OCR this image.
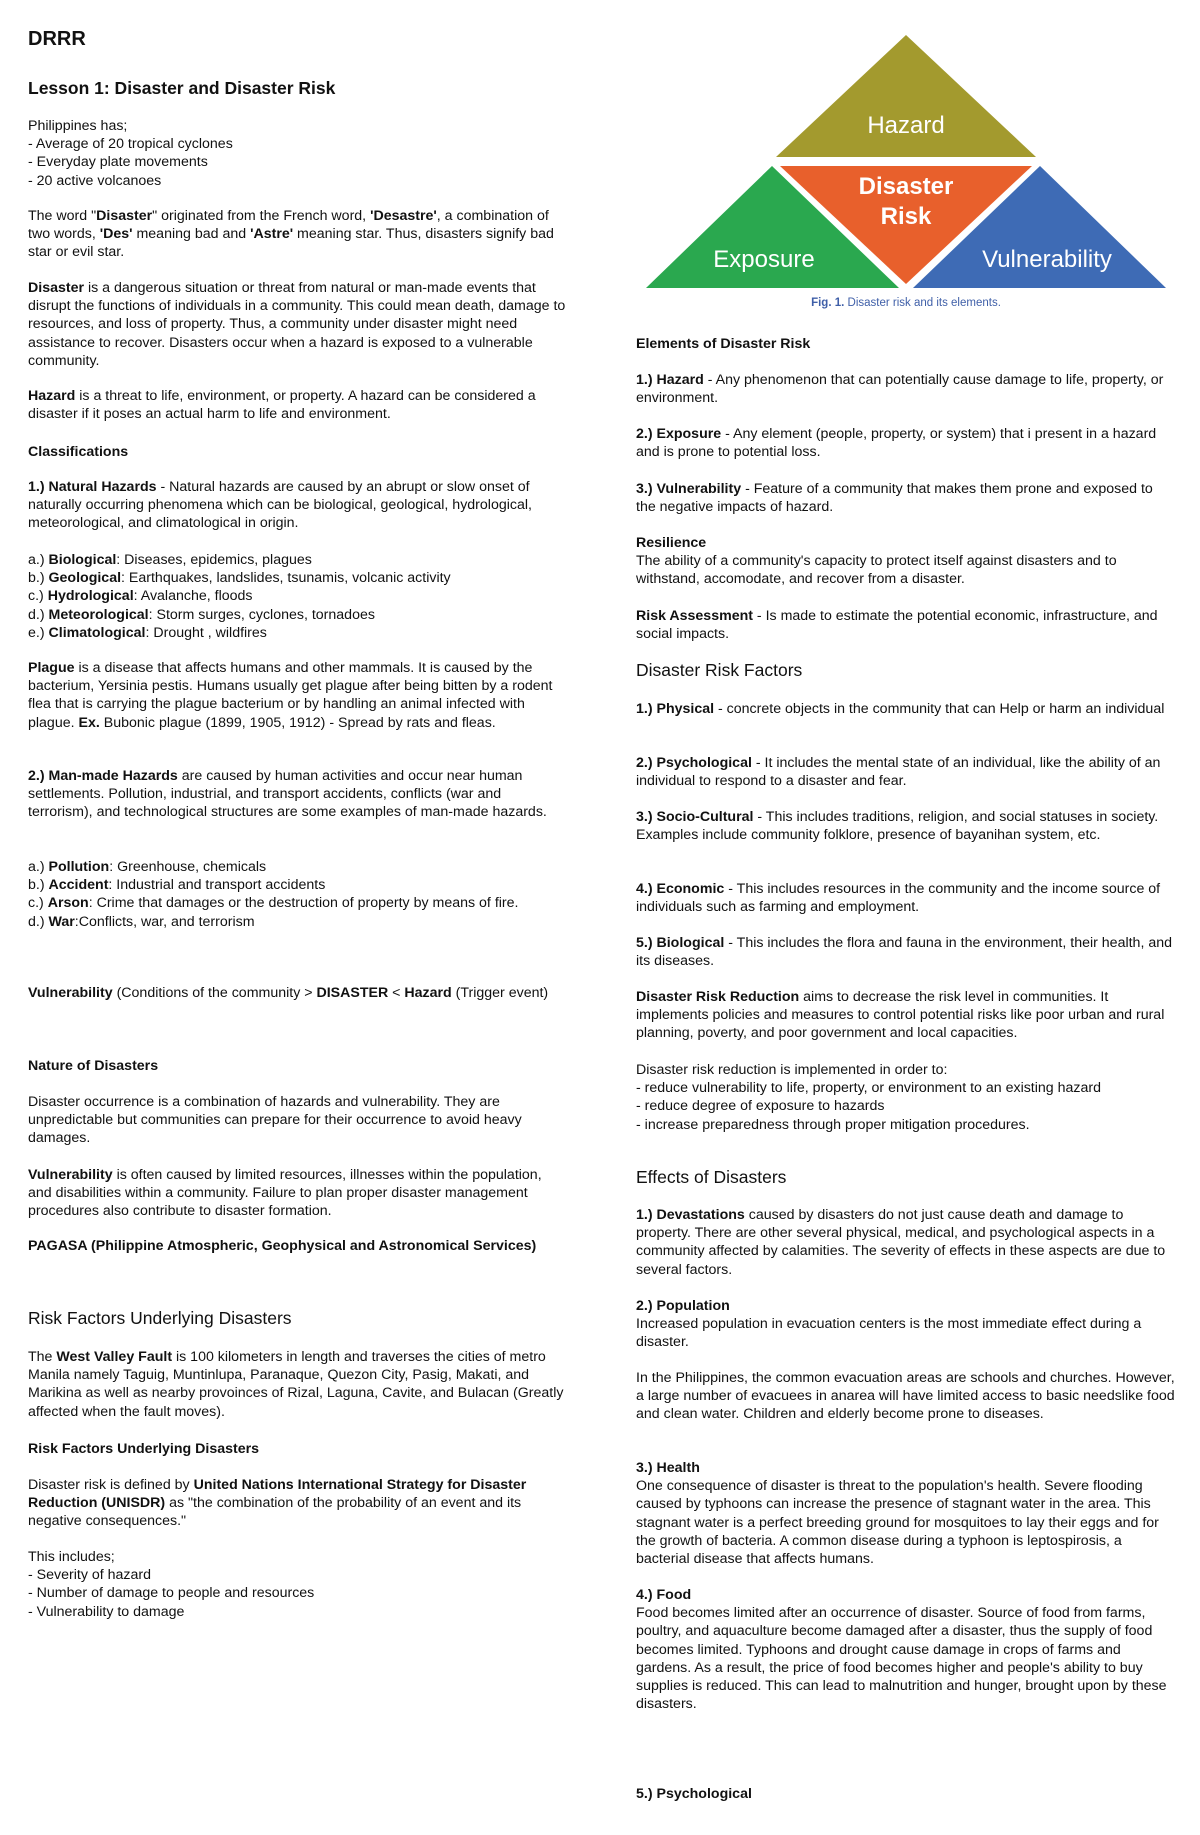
DRRR
Lesson 1: Disaster and Disaster Risk
Philippines has;
- Average of 20 tropical cyclones
- Everyday plate movements
- 20 active volcanoes
The word "Disaster" originated from the French word, 'Desastre', a combination of two words, 'Des' meaning bad and 'Astre' meaning star. Thus, disasters signify bad star or evil star.
Disaster is a dangerous situation or threat from natural or man-made events that disrupt the functions of individuals in a community. This could mean death, damage to resources, and loss of property. Thus, a community under disaster might need assistance to recover. Disasters occur when a hazard is exposed to a vulnerable community.
Hazard is a threat to life, environment, or property. A hazard can be considered a disaster if it poses an actual harm to life and environment.
Classifications
1.) Natural Hazards - Natural hazards are caused by an abrupt or slow onset of naturally occurring phenomena which can be biological, geological, hydrological, meteorological, and climatological in origin.
a.) Biological: Diseases, epidemics, plagues
b.) Geological: Earthquakes, landslides, tsunamis, volcanic activity
c.) Hydrological: Avalanche, floods
d.) Meteorological: Storm surges, cyclones, tornadoes
e.) Climatological: Drought , wildfires
Plague is a disease that affects humans and other mammals. It is caused by the bacterium, Yersinia pestis. Humans usually get plague after being bitten by a rodent flea that is carrying the plague bacterium or by handling an animal infected with plague. Ex. Bubonic plague (1899, 1905, 1912) - Spread by rats and fleas.
2.) Man-made Hazards are caused by human activities and occur near human settlements. Pollution, industrial, and transport accidents, conflicts (war and terrorism), and technological structures are some examples of man-made hazards.
a.) Pollution: Greenhouse, chemicals
b.) Accident: Industrial and transport accidents
c.) Arson: Crime that damages or the destruction of property by means of fire.
d.) War:Conflicts, war, and terrorism
Vulnerability (Conditions of the community > DISASTER < Hazard (Trigger event)
Nature of Disasters
Disaster occurrence is a combination of hazards and vulnerability. They are unpredictable but communities can prepare for their occurrence to avoid heavy damages.
Vulnerability is often caused by limited resources, illnesses within the population, and disabilities within a community. Failure to plan proper disaster management procedures also contribute to disaster formation.
PAGASA (Philippine Atmospheric, Geophysical and Astronomical Services)
Risk Factors Underlying Disasters
The West Valley Fault is 100 kilometers in length and traverses the cities of metro Manila namely Taguig, Muntinlupa, Paranaque, Quezon City, Pasig, Makati, and Marikina as well as nearby provoinces of Rizal, Laguna, Cavite, and Bulacan (Greatly affected when the fault moves).
Risk Factors Underlying Disasters
Disaster risk is defined by United Nations International Strategy for Disaster Reduction (UNISDR) as "the combination of the probability of an event and its negative consequences."
This includes;
- Severity of hazard
- Number of damage to people and resources
- Vulnerability to damage
Hazard
Disaster
Risk
Exposure	Vulnerability
Fig. 1. Disaster risk and its elements.
Elements of Disaster Risk
1.) Hazard - Any phenomenon that can potentially cause damage to life, property, or environment.
2.) Exposure - Any element (people, property, or system) that i present in a hazard and is prone to potential loss.
3.) Vulnerability - Feature of a community that makes them prone and exposed to the negative impacts of hazard.
Resilience
The ability of a community's capacity to protect itself against disasters and to withstand, accomodate, and recover from a disaster.
Risk Assessment - Is made to estimate the potential economic, infrastructure, and social impacts.
Disaster Risk Factors
1.) Physical - concrete objects in the community that can Help or harm an individual
2.) Psychological - It includes the mental state of an individual, like the ability of an individual to respond to a disaster and fear.
3.) Socio-Cultural - This includes traditions, religion, and social statuses in society. Examples include community folklore, presence of bayanihan system, etc.
4.) Economic - This includes resources in the community and the income source of individuals such as farming and employment.
5.) Biological - This includes the flora and fauna in the environment, their health, and its diseases.
Disaster Risk Reduction aims to decrease the risk level in communities. It implements policies and measures to control potential risks like poor urban and rural planning, poverty, and poor government and local capacities.
Disaster risk reduction is implemented in order to:
- reduce vulnerability to life, property, or environment to an existing hazard
- reduce degree of exposure to hazards
- increase preparedness through proper mitigation procedures.
Effects of Disasters
1.) Devastations caused by disasters do not just cause death and damage to property. There are other several physical, medical, and psychological aspects in a community affected by calamities. The severity of effects in these aspects are due to several factors.
2.) Population
Increased population in evacuation centers is the most immediate effect during a disaster.
In the Philippines, the common evacuation areas are schools and churches. However, a large number of evacuees in anarea will have limited access to basic needslike food and clean water. Children and elderly become prone to diseases.
3.) Health
One consequence of disaster is threat to the population's health. Severe flooding caused by typhoons can increase the presence of stagnant water in the area. This stagnant water is a perfect breeding ground for mosquitoes to lay their eggs and for the growth of bacteria. A common disease during a typhoon is leptospirosis, a bacterial disease that affects humans.
4.) Food
Food becomes limited after an occurrence of disaster. Source of food from farms, poultry, and aquaculture become damaged after a disaster, thus the supply of food becomes limited. Typhoons and drought cause damage in crops of farms and gardens. As a result, the price of food becomes higher and people's ability to buy supplies is reduced. This can lead to malnutrition and hunger, brought upon by these disasters.
5.) Psychological
